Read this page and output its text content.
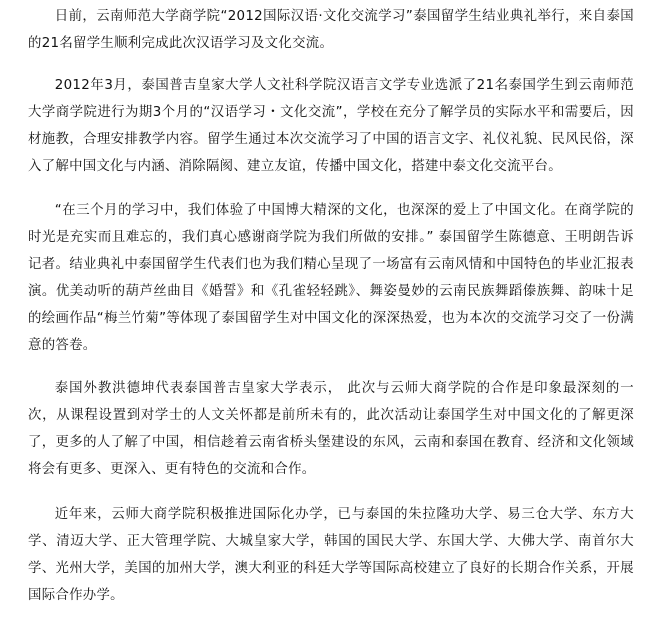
日前，云南师范大学商学院“2012国际汉语·文化交流学习”泰国留学生结业典礼举行，来自泰国的21名留学生顺利完成此次汉语学习及文化交流。

2012年3月，泰国普吉皇家大学人文社科学院汉语言文学专业选派了21名泰国学生到云南师范大学商学院进行为期3个月的“汉语学习・文化交流”，学校在充分了解学员的实际水平和需要后，因材施教，合理安排教学内容。留学生通过本次交流学习了中国的语言文字、礼仪礼貌、民风民俗，深入了解中国文化与内涵、消除隔阂、建立友谊，传播中国文化，搭建中泰文化交流平台。

“在三个月的学习中，我们体验了中国博大精深的文化，也深深的爱上了中国文化。在商学院的时光是充实而且难忘的，我们真心感谢商学院为我们所做的安排。” 泰国留学生陈德意、王明朗告诉记者。结业典礼中泰国留学生代表们也为我们精心呈现了一场富有云南风情和中国特色的毕业汇报表演。优美动听的葫芦丝曲目《婚誓》和《孔雀轻轻跳》、舞姿曼妙的云南民族舞蹈傣族舞、韵味十足的绘画作品“梅兰竹菊”等体现了泰国留学生对中国文化的深深热爱，也为本次的交流学习交了一份满意的答卷。

泰国外教洪德坤代表泰国普吉皇家大学表示， 此次与云师大商学院的合作是印象最深刻的一次，从课程设置到对学士的人文关怀都是前所未有的，此次活动让泰国学生对中国文化的了解更深了，更多的人了解了中国，相信趁着云南省桥头堡建设的东风，云南和泰国在教育、经济和文化领域将会有更多、更深入、更有特色的交流和合作。

近年来，云师大商学院积极推进国际化办学，已与泰国的朱拉隆功大学、易三仓大学、东方大学、清迈大学、正大管理学院、大城皇家大学，韩国的国民大学、东国大学、大佛大学、南首尔大学、光州大学，美国的加州大学，澳大利亚的科廷大学等国际高校建立了良好的长期合作关系，开展国际合作办学。
